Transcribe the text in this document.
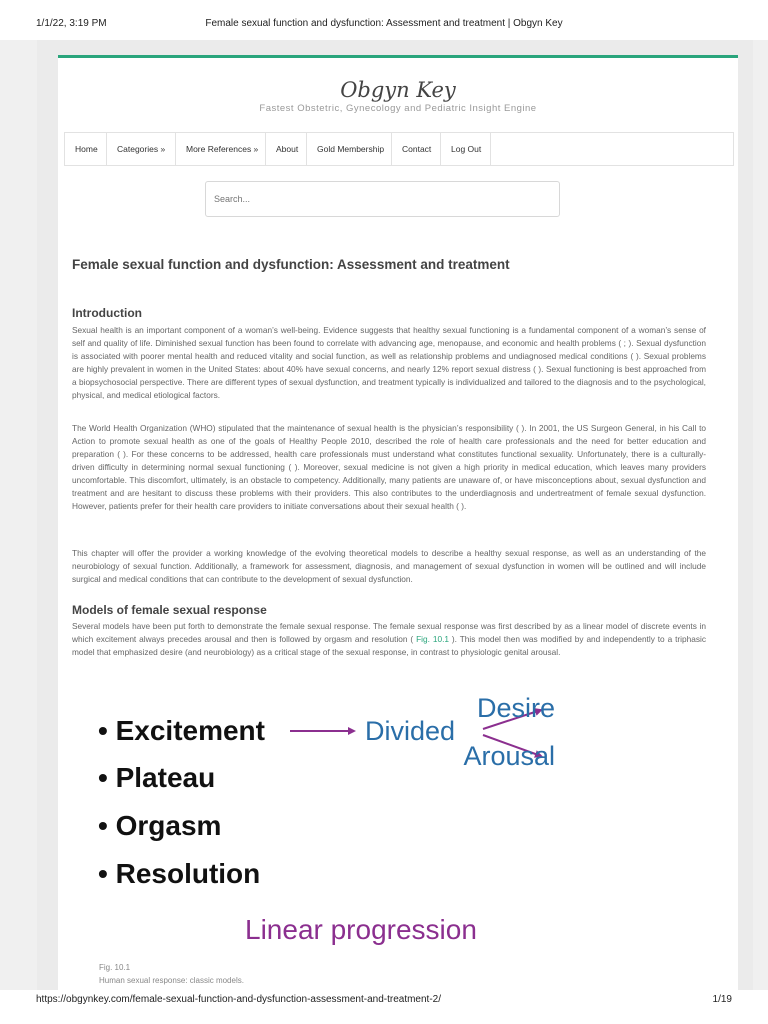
1/1/22, 3:19 PM	Female sexual function and dysfunction: Assessment and treatment | Obgyn Key
Obgyn Key
Fastest Obstetric, Gynecology and Pediatric Insight Engine
Home	Categories »	More References »	About	Gold Membership	Contact	Log Out
Search...
Female sexual function and dysfunction: Assessment and treatment
Introduction
Sexual health is an important component of a woman’s well-being. Evidence suggests that healthy sexual functioning is a fundamental component of a woman’s sense of self and quality of life. Diminished sexual function has been found to correlate with advancing age, menopause, and economic and health problems ( ; ). Sexual dysfunction is associated with poorer mental health and reduced vitality and social function, as well as relationship problems and undiagnosed medical conditions ( ). Sexual problems are highly prevalent in women in the United States: about 40% have sexual concerns, and nearly 12% report sexual distress ( ). Sexual functioning is best approached from a biopsychosocial perspective. There are different types of sexual dysfunction, and treatment typically is individualized and tailored to the diagnosis and to the psychological, physical, and medical etiological factors.
The World Health Organization (WHO) stipulated that the maintenance of sexual health is the physician’s responsibility ( ). In 2001, the US Surgeon General, in his Call to Action to promote sexual health as one of the goals of Healthy People 2010, described the role of health care professionals and the need for better education and preparation ( ). For these concerns to be addressed, health care professionals must understand what constitutes functional sexuality. Unfortunately, there is a culturally-driven difficulty in determining normal sexual functioning ( ). Moreover, sexual medicine is not given a high priority in medical education, which leaves many providers uncomfortable. This discomfort, ultimately, is an obstacle to competency. Additionally, many patients are unaware of, or have misconceptions about, sexual dysfunction and treatment and are hesitant to discuss these problems with their providers. This also contributes to the underdiagnosis and undertreatment of female sexual dysfunction. However, patients prefer for their health care providers to initiate conversations about their sexual health ( ).
This chapter will offer the provider a working knowledge of the evolving theoretical models to describe a healthy sexual response, as well as an understanding of the neurobiology of sexual function. Additionally, a framework for assessment, diagnosis, and management of sexual dysfunction in women will be outlined and will include surgical and medical conditions that can contribute to the development of sexual dysfunction.
Models of female sexual response
Several models have been put forth to demonstrate the female sexual response. The female sexual response was first described by as a linear model of discrete events in which excitement always precedes arousal and then is followed by orgasm and resolution ( Fig. 10.1 ). This model then was modified by and independently to a triphasic model that emphasized desire (and neurobiology) as a critical stage of the sexual response, in contrast to physiologic genital arousal.
• Excitement
• Plateau
• Orgasm
• Resolution
Divided
Desire
Arousal
Linear progression
Fig. 10.1
Human sexual response: classic models.
https://obgynkey.com/female-sexual-function-and-dysfunction-assessment-and-treatment-2/	1/19
